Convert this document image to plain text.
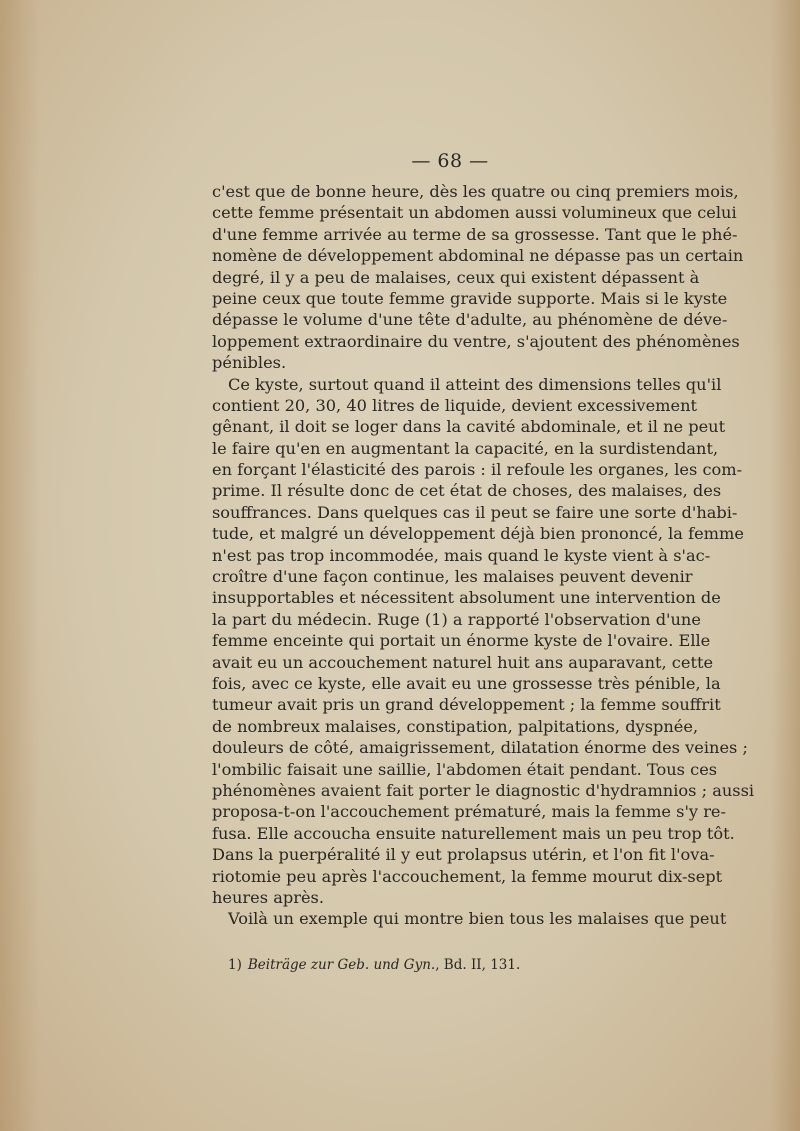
— 68 —
c'est que de bonne heure, dès les quatre ou cinq premiers mois,
cette femme présentait un abdomen aussi volumineux que celui
d'une femme arrivée au terme de sa grossesse. Tant que le phé-
nomène de développement abdominal ne dépasse pas un certain
degré, il y a peu de malaises, ceux qui existent dépassent à
peine ceux que toute femme gravide supporte. Mais si le kyste
dépasse le volume d'une tête d'adulte, au phénomène de déve-
loppement extraordinaire du ventre, s'ajoutent des phénomènes
pénibles.
Ce kyste, surtout quand il atteint des dimensions telles qu'il
contient 20, 30, 40 litres de liquide, devient excessivement
gênant, il doit se loger dans la cavité abdominale, et il ne peut
le faire qu'en en augmentant la capacité, en la surdistendant,
en forçant l'élasticité des parois : il refoule les organes, les com-
prime. Il résulte donc de cet état de choses, des malaises, des
souffrances. Dans quelques cas il peut se faire une sorte d'habi-
tude, et malgré un développement déjà bien prononcé, la femme
n'est pas trop incommodée, mais quand le kyste vient à s'ac-
croître d'une façon continue, les malaises peuvent devenir
insupportables et nécessitent absolument une intervention de
la part du médecin. Ruge (1) a rapporté l'observation d'une
femme enceinte qui portait un énorme kyste de l'ovaire. Elle
avait eu un accouchement naturel huit ans auparavant, cette
fois, avec ce kyste, elle avait eu une grossesse très pénible, la
tumeur avait pris un grand développement ; la femme souffrit
de nombreux malaises, constipation, palpitations, dyspnée,
douleurs de côté, amaigrissement, dilatation énorme des veines ;
l'ombilic faisait une saillie, l'abdomen était pendant. Tous ces
phénomènes avaient fait porter le diagnostic d'hydramnios ; aussi
proposa-t-on l'accouchement prématuré, mais la femme s'y re-
fusa. Elle accoucha ensuite naturellement mais un peu trop tôt.
Dans la puerpéralité il y eut prolapsus utérin, et l'on fit l'ova-
riotomie peu après l'accouchement, la femme mourut dix-sept
heures après.
Voilà un exemple qui montre bien tous les malaises que peut
1) Beiträge zur Geb. und Gyn., Bd. II, 131.
